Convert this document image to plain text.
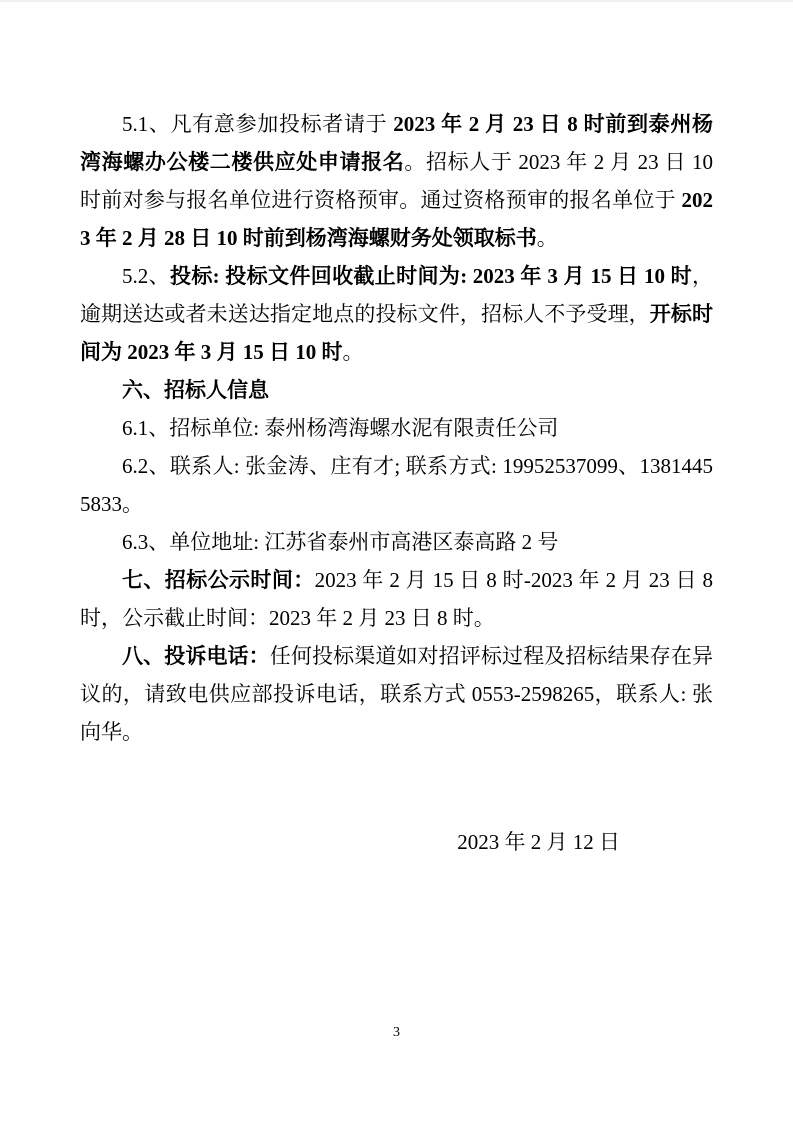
5.1、凡有意参加投标者请于 2023 年 2 月 23 日 8 时前到泰州杨湾海螺办公楼二楼供应处申请报名。招标人于 2023 年 2 月 23 日 10 时前对参与报名单位进行资格预审。通过资格预审的报名单位于 2023 年 2 月 28 日 10 时前到杨湾海螺财务处领取标书。

5.2、投标: 投标文件回收截止时间为: 2023 年 3 月 15 日 10 时，逾期送达或者未送达指定地点的投标文件，招标人不予受理，开标时间为 2023 年 3 月 15 日 10 时。

六、招标人信息

6.1、招标单位: 泰州杨湾海螺水泥有限责任公司

6.2、联系人: 张金涛、庄有才; 联系方式: 19952537099、13814455833。

6.3、单位地址: 江苏省泰州市高港区泰高路 2 号

七、招标公示时间：2023 年 2 月 15 日 8 时-2023 年 2 月 23 日 8 时，公示截止时间：2023 年 2 月 23 日 8 时。

八、投诉电话：任何投标渠道如对招评标过程及招标结果存在异议的，请致电供应部投诉电话，联系方式 0553-2598265，联系人: 张向华。

2023 年 2 月 12 日

3
